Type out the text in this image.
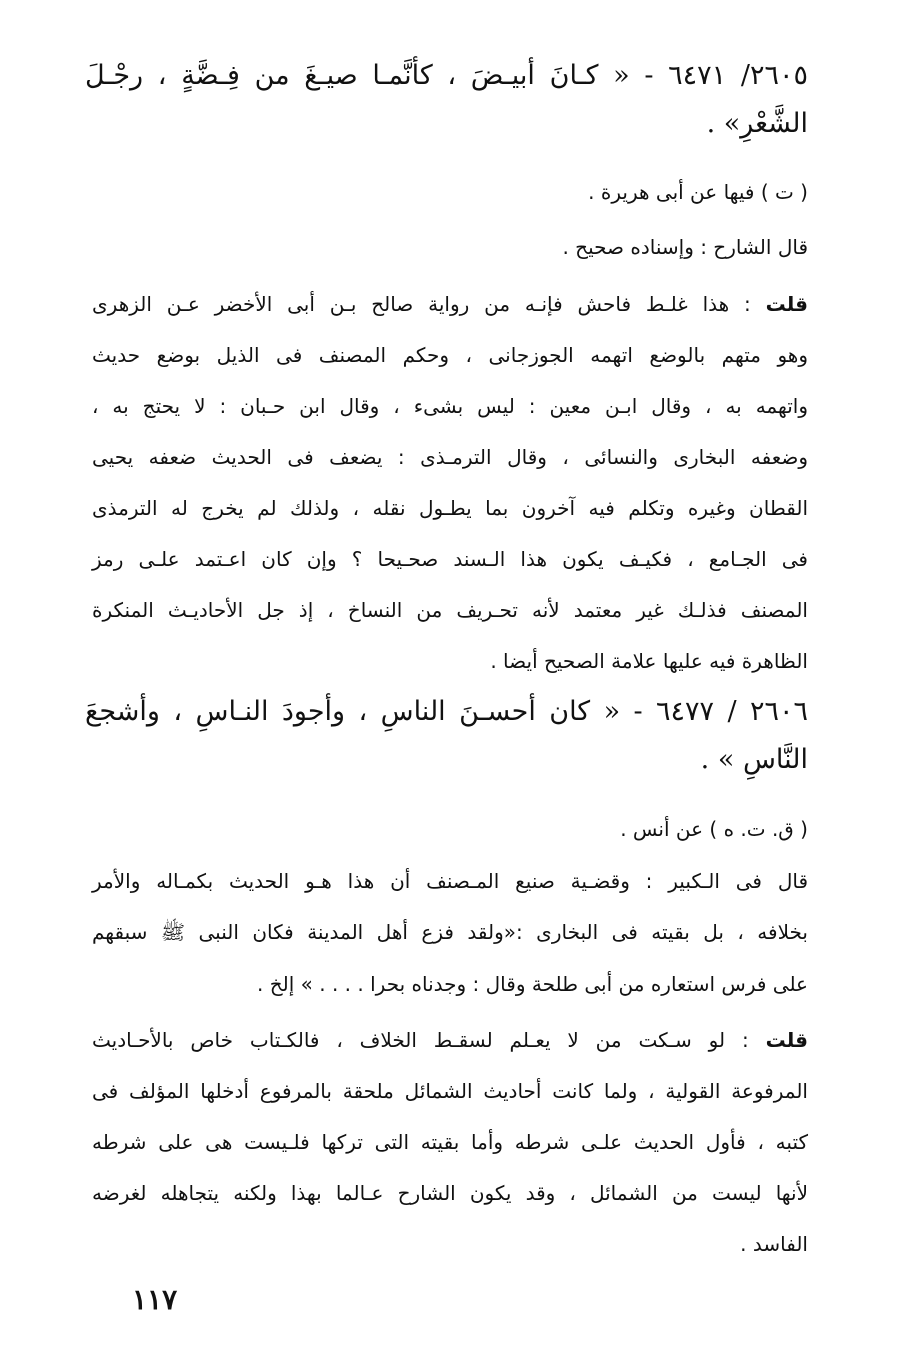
٢٦٠٥/ ٦٤٧١ - « كـانَ أبيـضَ ، كأنَّمـا صيـغَ من فِـضَّةٍ ، رجْـلَ
الشَّعْرِ» .
( ت ) فيها عن أبى هريرة .
قال الشارح : وإسناده صحيح .
قلت : هذا غلـط فاحش فإنـه من رواية صالح بـن أبى الأخضر عـن الزهرى
وهو متهم بالوضع اتهمه الجوزجانى ، وحكم المصنف فى الذيل بوضع حديث
واتهمه به ، وقال ابـن معين : ليس بشىء ، وقال ابن حـبان : لا يحتج به ،
وضعفه البخارى والنسائى ، وقال الترمـذى : يضعف فى الحديث ضعفه يحيى
القطان وغيره وتكلم فيه آخرون بما يطـول نقله ، ولذلك لم يخرج له الترمذى
فى الجـامع ، فكيـف يكون هذا الـسند صحـيحا ؟ وإن كان اعـتمد علـى رمز
المصنف فذلـك غير معتمد لأنه تحـريف من النساخ ، إذ جل الأحاديـث المنكرة
الظاهرة فيه عليها علامة الصحيح أيضا .
٢٦٠٦ / ٦٤٧٧ - « كان أحسـنَ الناسِ ، وأجودَ النـاسِ ، وأشجعَ
النَّاسِ » .
( ق. ت. ه ) عن أنس .
قال فى الـكبير : وقضـية صنيع المـصنف أن هذا هـو الحديث بكمـاله والأمر
بخلافه ، بل بقيته فى البخارى :«ولقد فزع أهل المدينة فكان النبى ﷺ سبقهم
على فرس استعاره من أبى طلحة وقال : وجدناه بحرا . . . . » إلخ .
قلت : لو سـكت من لا يعـلم لسقـط الخلاف ، فالكـتاب خاص بالأحـاديث
المرفوعة القولية ، ولما كانت أحاديث الشمائل ملحقة بالمرفوع أدخلها المؤلف فى
كتبه ، فأول الحديث علـى شرطه وأما بقيته التى تركها فلـيست هى على شرطه
لأنها ليست من الشمائل ، وقد يكون الشارح عـالما بهذا ولكنه يتجاهله لغرضه
الفاسد .
١١٧
